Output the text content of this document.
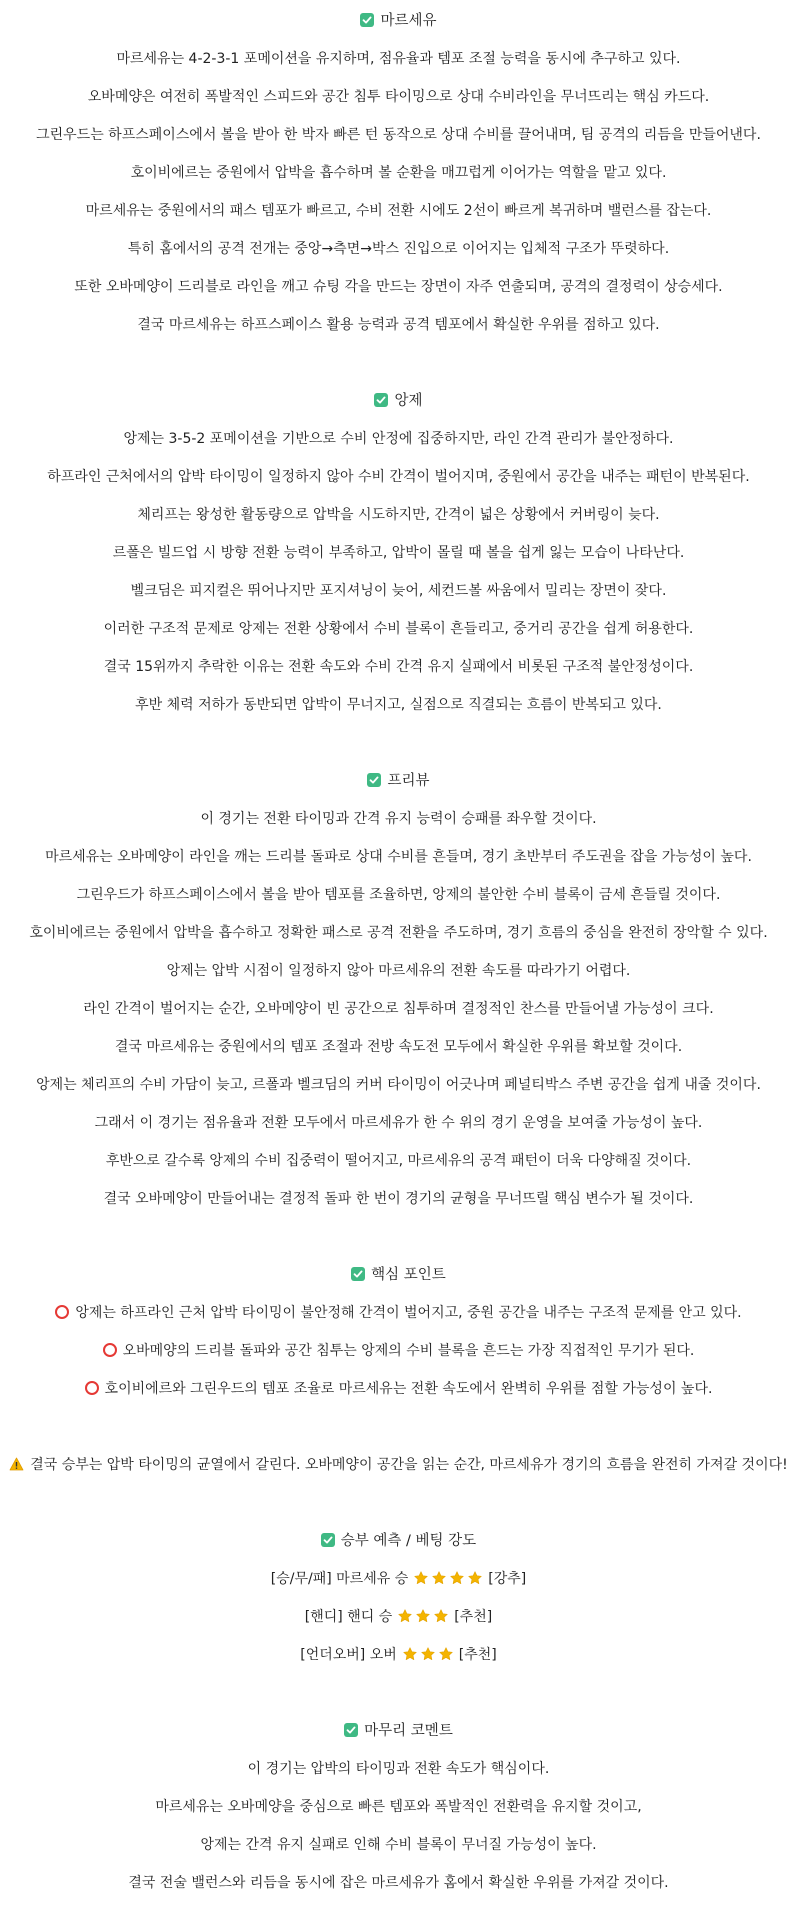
마르세유
마르세유는 4-2-3-1 포메이션을 유지하며, 점유율과 템포 조절 능력을 동시에 추구하고 있다.
오바메양은 여전히 폭발적인 스피드와 공간 침투 타이밍으로 상대 수비라인을 무너뜨리는 핵심 카드다.
그린우드는 하프스페이스에서 볼을 받아 한 박자 빠른 턴 동작으로 상대 수비를 끌어내며, 팀 공격의 리듬을 만들어낸다.
호이비에르는 중원에서 압박을 흡수하며 볼 순환을 매끄럽게 이어가는 역할을 맡고 있다.
마르세유는 중원에서의 패스 템포가 빠르고, 수비 전환 시에도 2선이 빠르게 복귀하며 밸런스를 잡는다.
특히 홈에서의 공격 전개는 중앙→측면→박스 진입으로 이어지는 입체적 구조가 뚜렷하다.
또한 오바메양이 드리블로 라인을 깨고 슈팅 각을 만드는 장면이 자주 연출되며, 공격의 결정력이 상승세다.
결국 마르세유는 하프스페이스 활용 능력과 공격 템포에서 확실한 우위를 점하고 있다.
앙제
앙제는 3-5-2 포메이션을 기반으로 수비 안정에 집중하지만, 라인 간격 관리가 불안정하다.
하프라인 근처에서의 압박 타이밍이 일정하지 않아 수비 간격이 벌어지며, 중원에서 공간을 내주는 패턴이 반복된다.
체리프는 왕성한 활동량으로 압박을 시도하지만, 간격이 넓은 상황에서 커버링이 늦다.
르폴은 빌드업 시 방향 전환 능력이 부족하고, 압박이 몰릴 때 볼을 쉽게 잃는 모습이 나타난다.
벨크딤은 피지컬은 뛰어나지만 포지셔닝이 늦어, 세컨드볼 싸움에서 밀리는 장면이 잦다.
이러한 구조적 문제로 앙제는 전환 상황에서 수비 블록이 흔들리고, 중거리 공간을 쉽게 허용한다.
결국 15위까지 추락한 이유는 전환 속도와 수비 간격 유지 실패에서 비롯된 구조적 불안정성이다.
후반 체력 저하가 동반되면 압박이 무너지고, 실점으로 직결되는 흐름이 반복되고 있다.
프리뷰
이 경기는 전환 타이밍과 간격 유지 능력이 승패를 좌우할 것이다.
마르세유는 오바메양이 라인을 깨는 드리블 돌파로 상대 수비를 흔들며, 경기 초반부터 주도권을 잡을 가능성이 높다.
그린우드가 하프스페이스에서 볼을 받아 템포를 조율하면, 앙제의 불안한 수비 블록이 금세 흔들릴 것이다.
호이비에르는 중원에서 압박을 흡수하고 정확한 패스로 공격 전환을 주도하며, 경기 흐름의 중심을 완전히 장악할 수 있다.
앙제는 압박 시점이 일정하지 않아 마르세유의 전환 속도를 따라가기 어렵다.
라인 간격이 벌어지는 순간, 오바메양이 빈 공간으로 침투하며 결정적인 찬스를 만들어낼 가능성이 크다.
결국 마르세유는 중원에서의 템포 조절과 전방 속도전 모두에서 확실한 우위를 확보할 것이다.
앙제는 체리프의 수비 가담이 늦고, 르폴과 벨크딤의 커버 타이밍이 어긋나며 페널티박스 주변 공간을 쉽게 내줄 것이다.
그래서 이 경기는 점유율과 전환 모두에서 마르세유가 한 수 위의 경기 운영을 보여줄 가능성이 높다.
후반으로 갈수록 앙제의 수비 집중력이 떨어지고, 마르세유의 공격 패턴이 더욱 다양해질 것이다.
결국 오바메양이 만들어내는 결정적 돌파 한 번이 경기의 균형을 무너뜨릴 핵심 변수가 될 것이다.
핵심 포인트
앙제는 하프라인 근처 압박 타이밍이 불안정해 간격이 벌어지고, 중원 공간을 내주는 구조적 문제를 안고 있다.
오바메양의 드리블 돌파와 공간 침투는 앙제의 수비 블록을 흔드는 가장 직접적인 무기가 된다.
호이비에르와 그린우드의 템포 조율로 마르세유는 전환 속도에서 완벽히 우위를 점할 가능성이 높다.
결국 승부는 압박 타이밍의 균열에서 갈린다. 오바메양이 공간을 읽는 순간, 마르세유가 경기의 흐름을 완전히 가져갈 것이다!
승부 예측 / 베팅 강도
[승/무/패] 마르세유 승	[강추]
[핸디] 핸디 승	[추천]
[언더오버] 오버	[추천]
마무리 코멘트
이 경기는 압박의 타이밍과 전환 속도가 핵심이다.
마르세유는 오바메양을 중심으로 빠른 템포와 폭발적인 전환력을 유지할 것이고,
앙제는 간격 유지 실패로 인해 수비 블록이 무너질 가능성이 높다.
결국 전술 밸런스와 리듬을 동시에 잡은 마르세유가 홈에서 확실한 우위를 가져갈 것이다.
